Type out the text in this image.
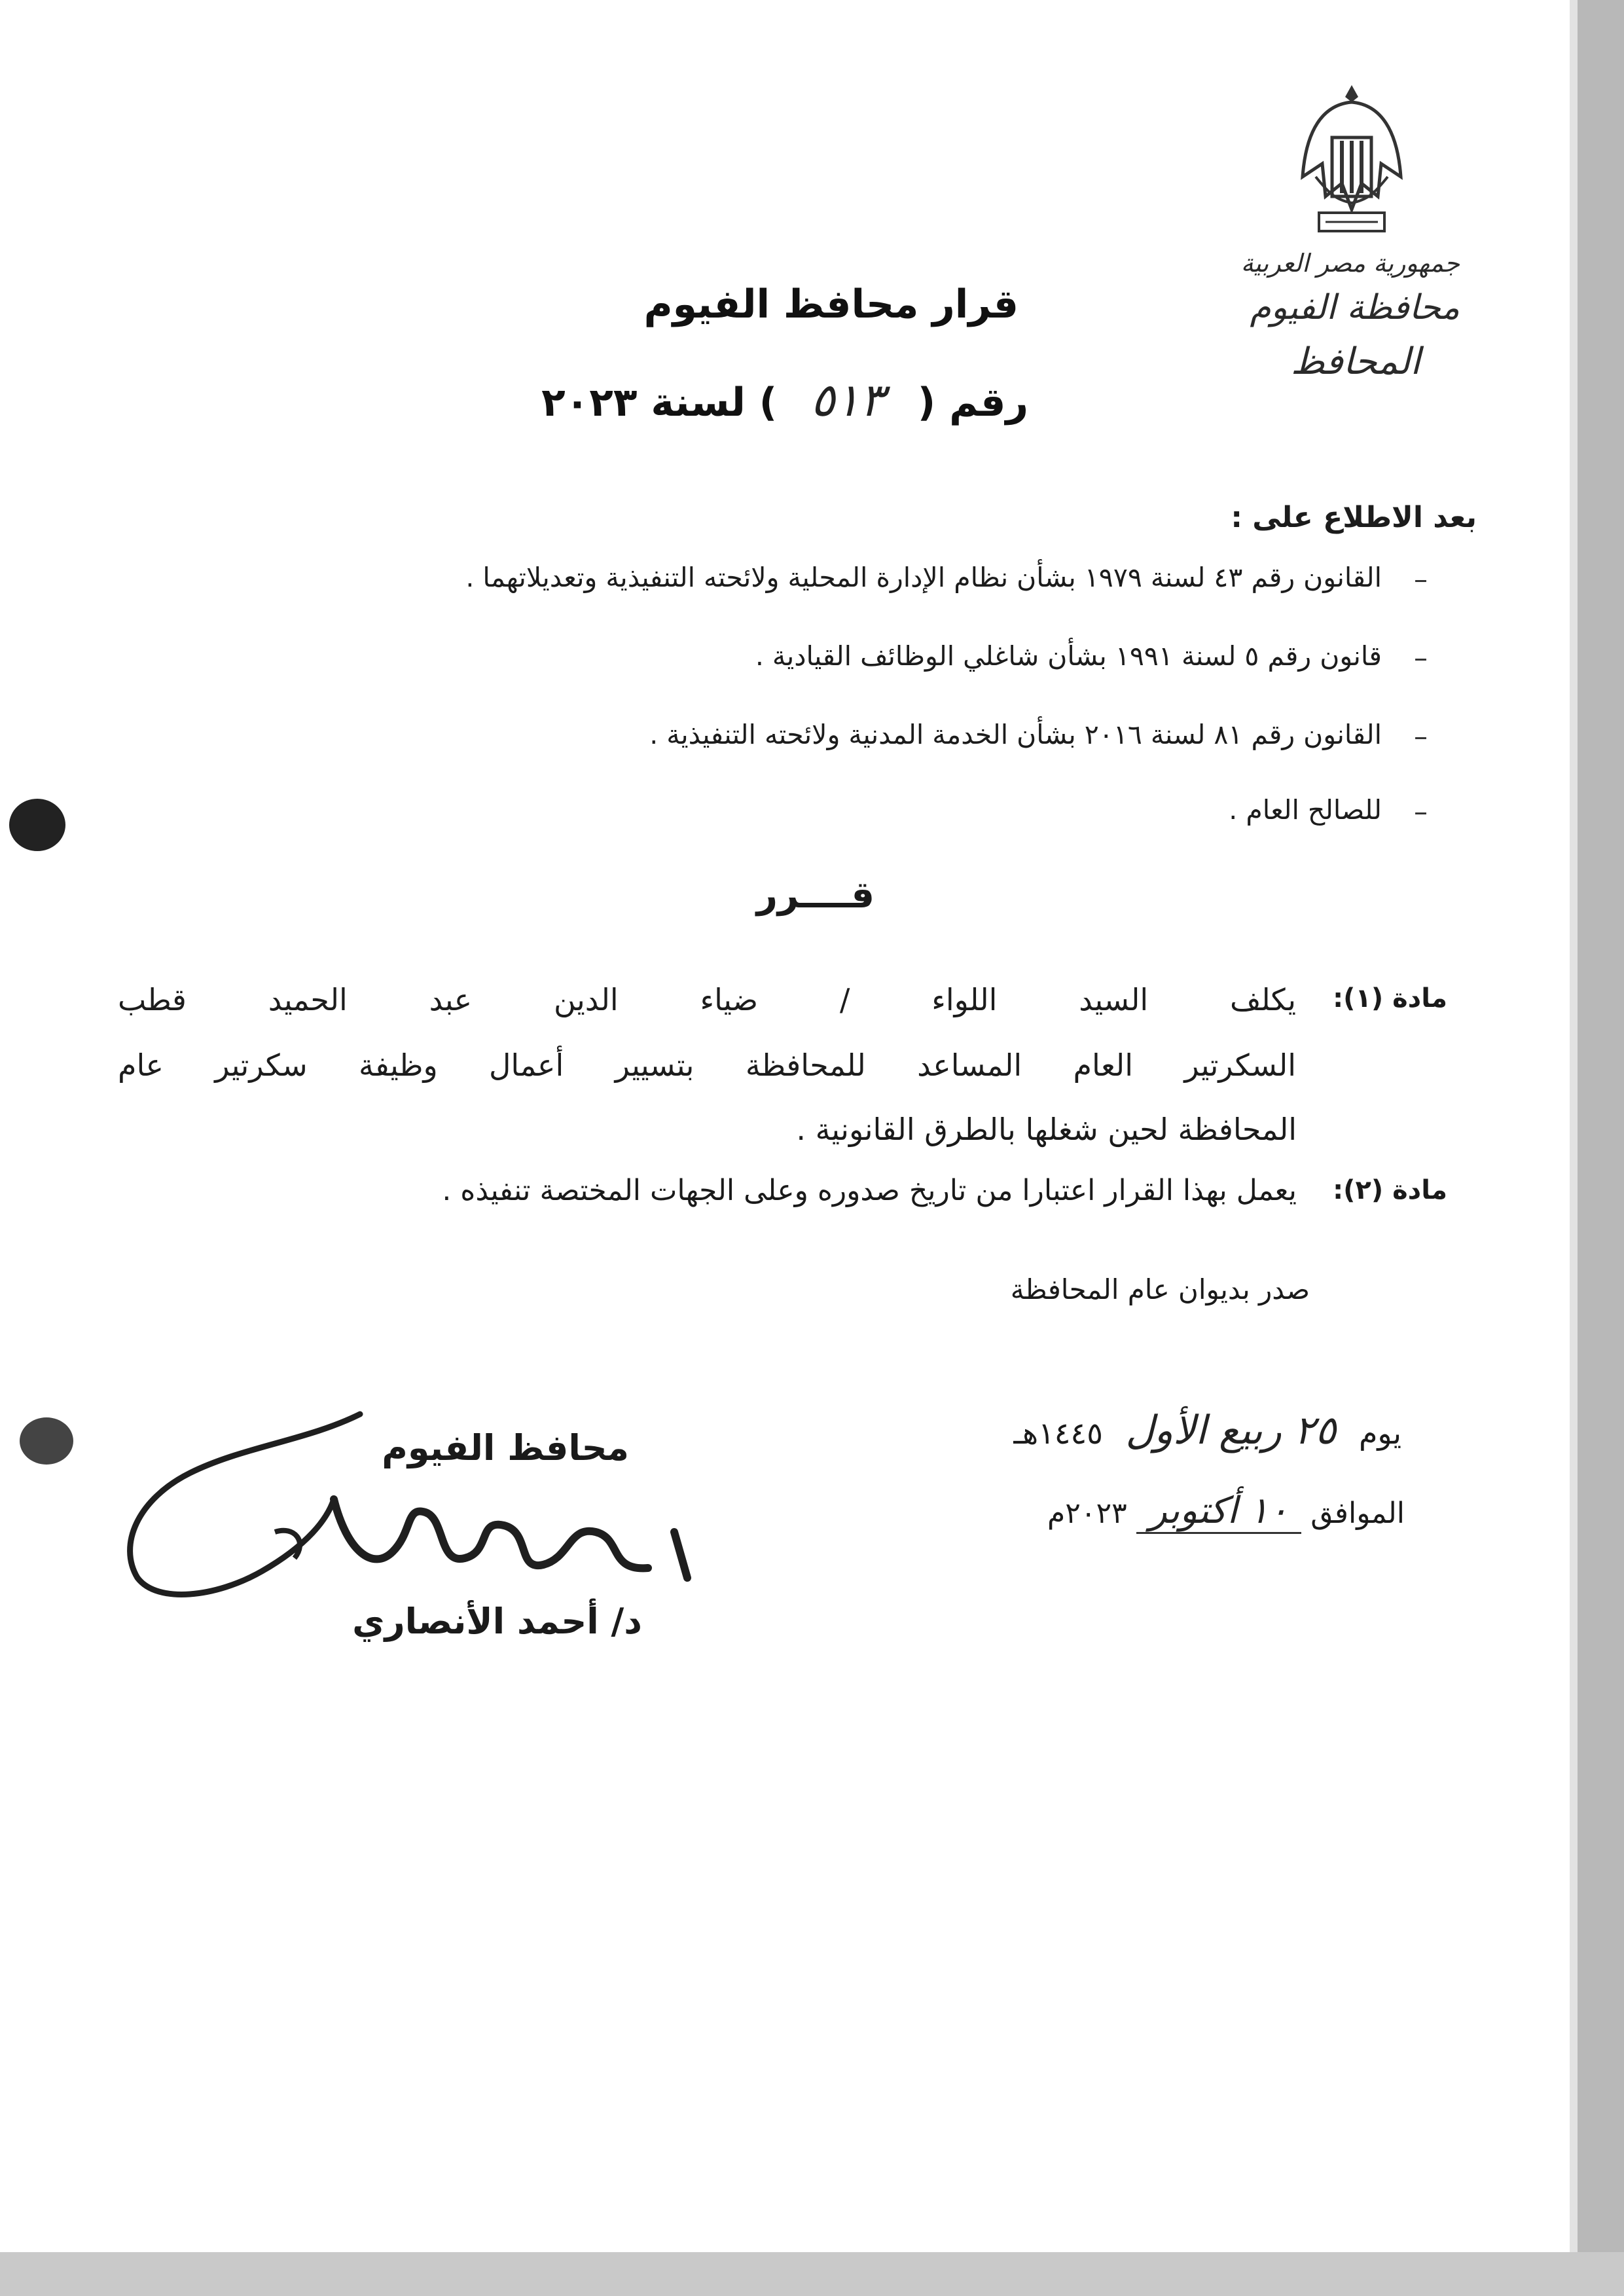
جمهورية مصر العربية
محافظة الفيوم
المحافظ
قرار محافظ الفيوم
رقم ( ٥١٣ ) لسنة ٢٠٢٣
بعد الاطلاع على :
–
القانون رقم ٤٣ لسنة ١٩٧٩ بشأن نظام الإدارة المحلية ولائحته التنفيذية وتعديلاتهما .
–
قانون رقم ٥ لسنة ١٩٩١ بشأن شاغلي الوظائف القيادية .
–
القانون رقم ٨١ لسنة ٢٠١٦ بشأن الخدمة المدنية ولائحته التنفيذية .
–
للصالح العام .
قــــرر
مادة (١):
يكلف السيد اللواء / ضياء الدين عبد الحميد قطب
السكرتير العام المساعد للمحافظة بتسيير أعمال وظيفة سكرتير عام
المحافظة لحين شغلها بالطرق القانونية .
مادة (٢):
يعمل بهذا القرار اعتبارا من تاريخ صدوره وعلى الجهات المختصة تنفيذه .
صدر بديوان عام المحافظة
يوم ٢٥ ربيع الأول ١٤٤٥هـ
الموافق ١٠ أكتوبر ٢٠٢٣م
محافظ الفيوم
د/ أحمد الأنصاري
